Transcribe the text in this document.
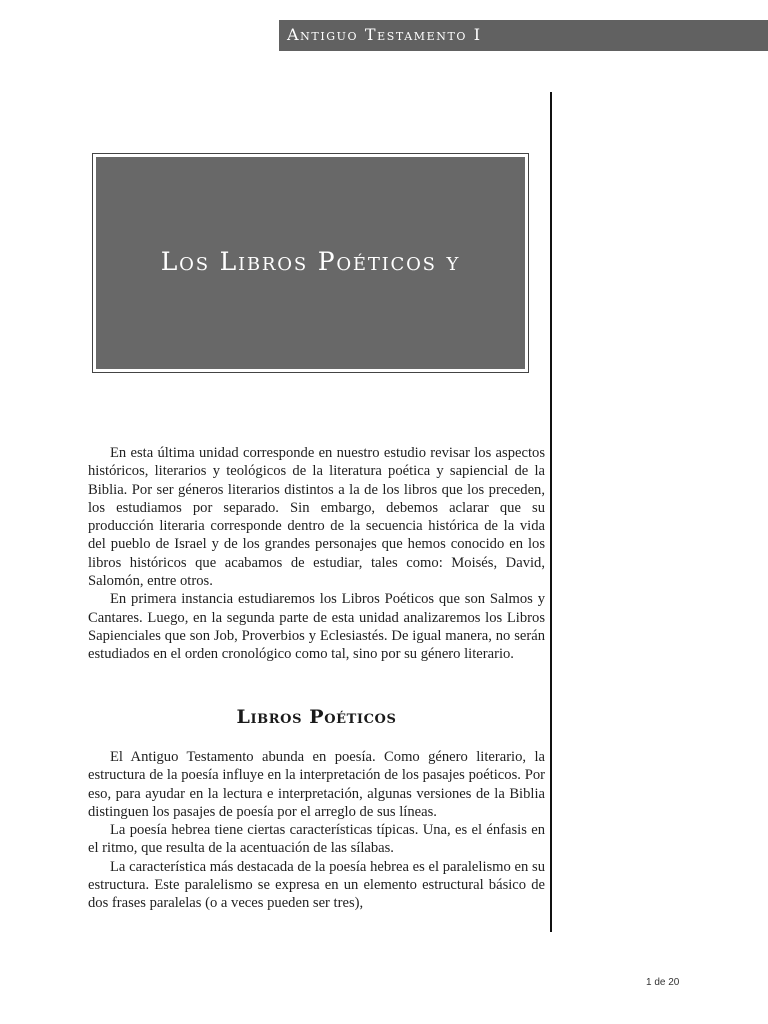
Antiguo Testamento I
Los Libros Poéticos y

En esta última unidad corresponde en nuestro estudio revisar los aspectos históricos, literarios y teológicos de la literatura poética y sapiencial de la Biblia. Por ser géneros literarios distintos a la de los libros que los preceden, los estudiamos por separado. Sin embargo, debemos aclarar que su producción literaria corresponde dentro de la secuencia histórica de la vida del pueblo de Israel y de los grandes personajes que hemos conocido en los libros históricos que acabamos de estudiar, tales como: Moisés, David, Salomón, entre otros.

En primera instancia estudiaremos los Libros Poéticos que son Salmos y Cantares. Luego, en la segunda parte de esta unidad analizaremos los Libros Sapienciales que son Job, Proverbios y Eclesiastés. De igual manera, no serán estudiados en el orden cronológico como tal, sino por su género literario.

Libros Poéticos

El Antiguo Testamento abunda en poesía. Como género literario, la estructura de la poesía influye en la interpretación de los pasajes poéticos. Por eso, para ayudar en la lectura e interpretación, algunas versiones de la Biblia distinguen los pasajes de poesía por el arreglo de sus líneas.

La poesía hebrea tiene ciertas características típicas. Una, es el énfasis en el ritmo, que resulta de la acentuación de las sílabas.

La característica más destacada de la poesía hebrea es el paralelismo en su estructura. Este paralelismo se expresa en un elemento estructural básico de dos frases paralelas (o a veces pueden ser tres),

1 de 20
